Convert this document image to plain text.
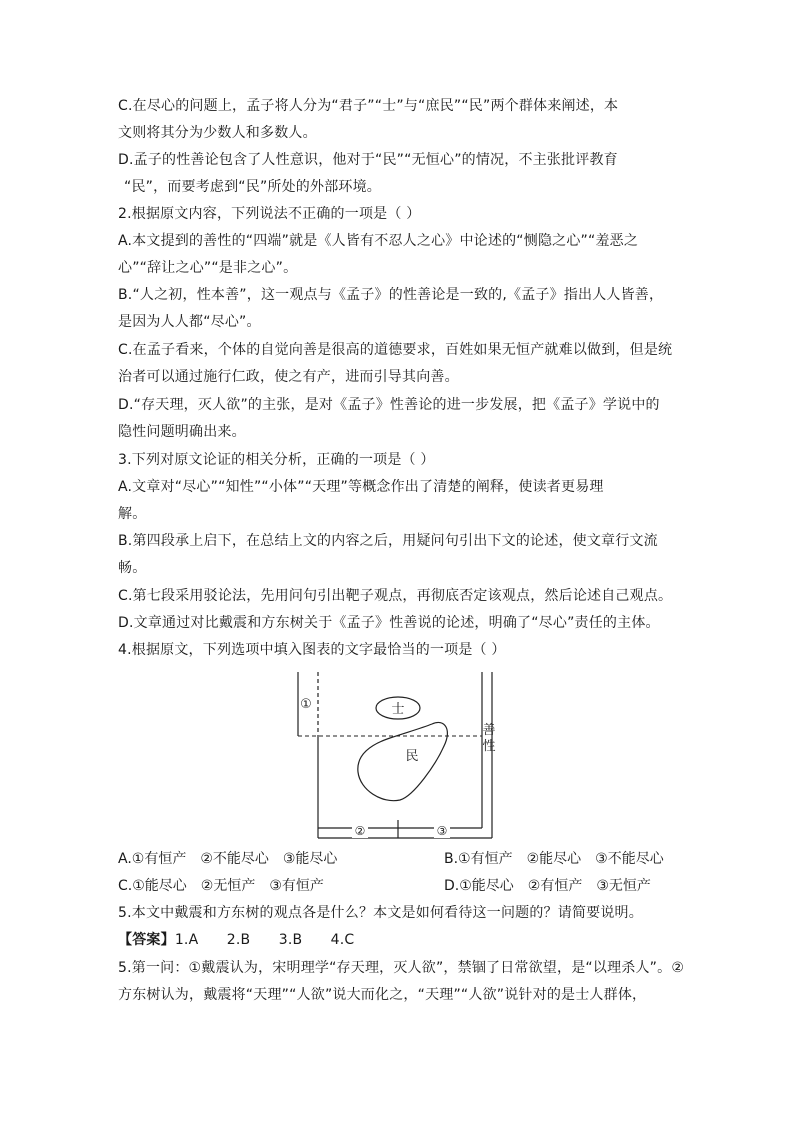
C.在尽心的问题上，孟子将人分为“君子”“士”与“庶民”“民”两个群体来阐述，本
文则将其分为少数人和多数人。
D.孟子的性善论包含了人性意识，他对于“民”“无恒心”的情况，不主张批评教育
“民”，而要考虑到“民”所处的外部环境。
2.根据原文内容，下列说法不正确的一项是（ ）
A.本文提到的善性的“四端”就是《人皆有不忍人之心》中论述的“恻隐之心”“羞恶之
心”“辞让之心”“是非之心”。
B.“人之初，性本善”，这一观点与《孟子》的性善论是一致的,《孟子》指出人人皆善，
是因为人人都“尽心”。
C.在孟子看来，个体的自觉向善是很高的道德要求，百姓如果无恒产就难以做到，但是统
治者可以通过施行仁政，使之有产，进而引导其向善。
D.“存天理，灭人欲”的主张，是对《孟子》性善论的进一步发展，把《孟子》学说中的
隐性问题明确出来。
3.下列对原文论证的相关分析，正确的一项是（ ）
A.文章对“尽心”“知性”“小体”“天理”等概念作出了清楚的阐释，使读者更易理
解。
B.第四段承上启下，在总结上文的内容之后，用疑问句引出下文的论述，使文章行文流
畅。
C.第七段采用驳论法，先用问句引出靶子观点，再彻底否定该观点，然后论述自己观点。
D.文章通过对比戴震和方东树关于《孟子》性善说的论述，明确了“尽心”责任的主体。
4.根据原文，下列选项中填入图表的文字最恰当的一项是（ ）
①	士
民
善
性
②	③
A.①有恒产　②不能尽心　③能尽心	B.①有恒产　②能尽心　③不能尽心
C.①能尽心　②无恒产　③有恒产	D.①能尽心　②有恒产　③无恒产
5.本文中戴震和方东树的观点各是什么？本文是如何看待这一问题的？请简要说明。
【答案】1.A　　2.B　　3.B　　4.C
5.第一问：①戴震认为，宋明理学“存天理，灭人欲”，禁锢了日常欲望，是“以理杀人”。②
方东树认为，戴震将“天理”“人欲”说大而化之，“天理”“人欲”说针对的是士人群体，
